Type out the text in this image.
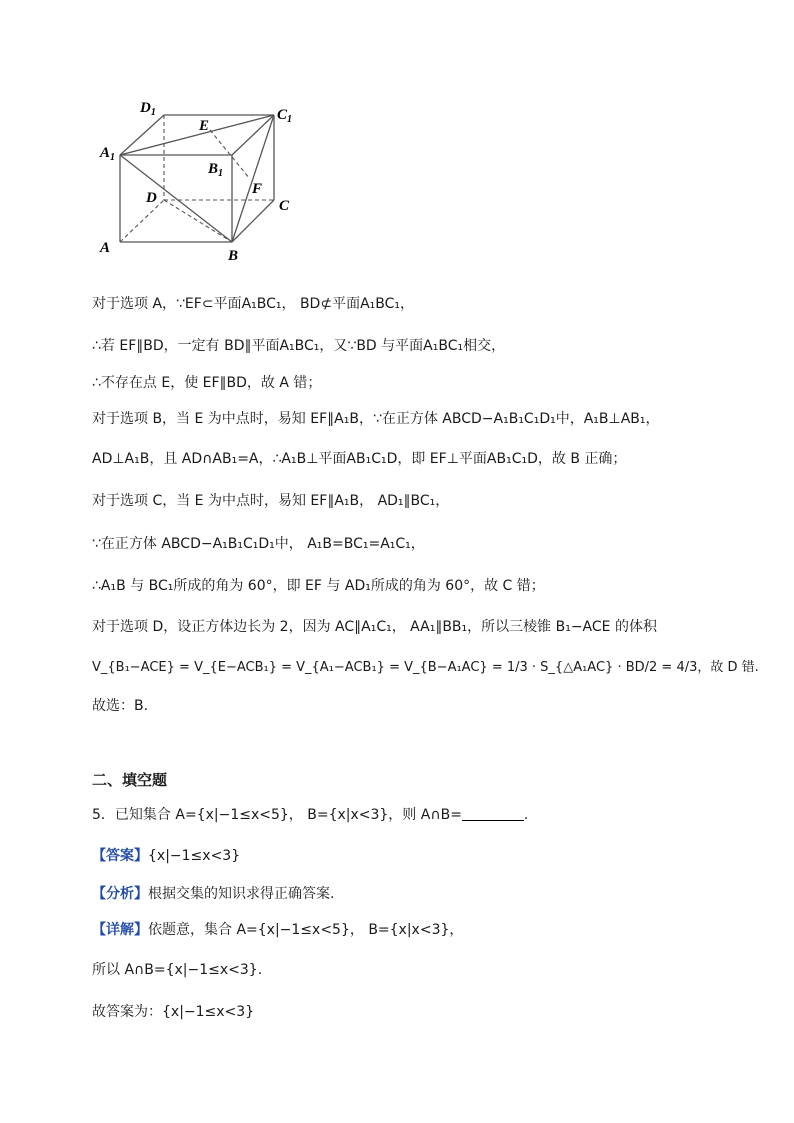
$D_1$	$C_1$
$A_1$
$B_1$
E
F
D	C
A	B
对于选项 A，∵EF⊂平面A₁BC₁， BD⊄平面A₁BC₁，
∴若 EF∥BD，一定有 BD∥平面A₁BC₁，又∵BD 与平面A₁BC₁相交，
∴不存在点 E，使 EF∥BD，故 A 错；
对于选项 B，当 E 为中点时，易知 EF∥A₁B，∵在正方体 ABCD−A₁B₁C₁D₁中，A₁B⊥AB₁，
AD⊥A₁B，且 AD∩AB₁=A，∴A₁B⊥平面AB₁C₁D，即 EF⊥平面AB₁C₁D，故 B 正确；
对于选项 C，当 E 为中点时，易知 EF∥A₁B， AD₁∥BC₁，
∵在正方体 ABCD−A₁B₁C₁D₁中， A₁B=BC₁=A₁C₁，
∴A₁B 与 BC₁所成的角为 60°，即 EF 与 AD₁所成的角为 60°，故 C 错；
对于选项 D，设正方体边长为 2，因为 AC∥A₁C₁， AA₁∥BB₁，所以三棱锥 B₁−ACE 的体积
V_{B₁−ACE} = V_{E−ACB₁} = V_{A₁−ACB₁} = V_{B−A₁AC} = 1/3 · S_{△A₁AC} · BD/2 = 4/3，故 D 错.
故选：B.
二、填空题
5．已知集合 A={x|−1≤x<5}， B={x|x<3}，则 A∩B=	.
【答案】{x|−1≤x<3}
【分析】根据交集的知识求得正确答案.
【详解】依题意，集合 A={x|−1≤x<5}， B={x|x<3}，
所以 A∩B={x|−1≤x<3}.
故答案为：{x|−1≤x<3}
